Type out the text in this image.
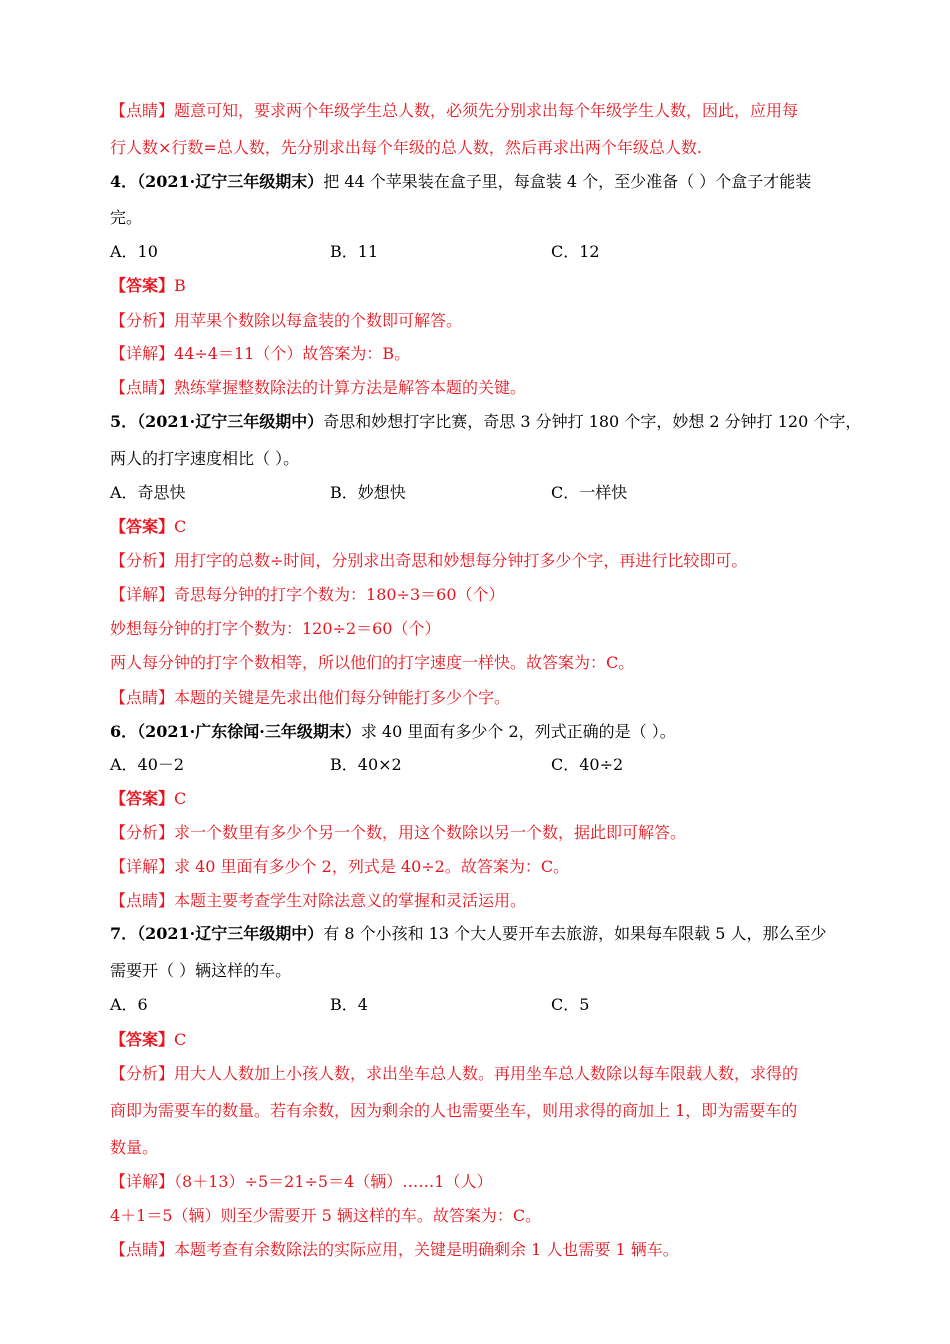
【点睛】题意可知，要求两个年级学生总人数，必须先分别求出每个年级学生人数，因此，应用每
行人数×行数=总人数，先分别求出每个年级的总人数，然后再求出两个年级总人数.
4．（2021·辽宁三年级期末）把 44 个苹果装在盒子里，每盒装 4 个，至少准备（ ）个盒子才能装
完。
A．10	B．11	C．12
【答案】B
【分析】用苹果个数除以每盒装的个数即可解答。
【详解】44÷4＝11（个）故答案为：B。
【点睛】熟练掌握整数除法的计算方法是解答本题的关键。
5．（2021·辽宁三年级期中）奇思和妙想打字比赛，奇思 3 分钟打 180 个字，妙想 2 分钟打 120 个字，
两人的打字速度相比（ ）。
A．奇思快	B．妙想快	C．一样快
【答案】C
【分析】用打字的总数÷时间，分别求出奇思和妙想每分钟打多少个字，再进行比较即可。
【详解】奇思每分钟的打字个数为：180÷3＝60（个）
妙想每分钟的打字个数为：120÷2＝60（个）
两人每分钟的打字个数相等，所以他们的打字速度一样快。故答案为：C。
【点睛】本题的关键是先求出他们每分钟能打多少个字。
6．（2021·广东徐闻·三年级期末）求 40 里面有多少个 2，列式正确的是（ ）。
A．40－2	B．40×2	C．40÷2
【答案】C
【分析】求一个数里有多少个另一个数，用这个数除以另一个数，据此即可解答。
【详解】求 40 里面有多少个 2，列式是 40÷2。故答案为：C。
【点睛】本题主要考查学生对除法意义的掌握和灵活运用。
7．（2021·辽宁三年级期中）有 8 个小孩和 13 个大人要开车去旅游，如果每车限载 5 人，那么至少
需要开（ ）辆这样的车。
A．6	B．4	C．5
【答案】C
【分析】用大人人数加上小孩人数，求出坐车总人数。再用坐车总人数除以每车限载人数，求得的
商即为需要车的数量。若有余数，因为剩余的人也需要坐车，则用求得的商加上 1，即为需要车的
数量。
【详解】（8＋13）÷5＝21÷5＝4（辆）……1（人）
4＋1＝5（辆）则至少需要开 5 辆这样的车。故答案为：C。
【点睛】本题考查有余数除法的实际应用，关键是明确剩余 1 人也需要 1 辆车。
